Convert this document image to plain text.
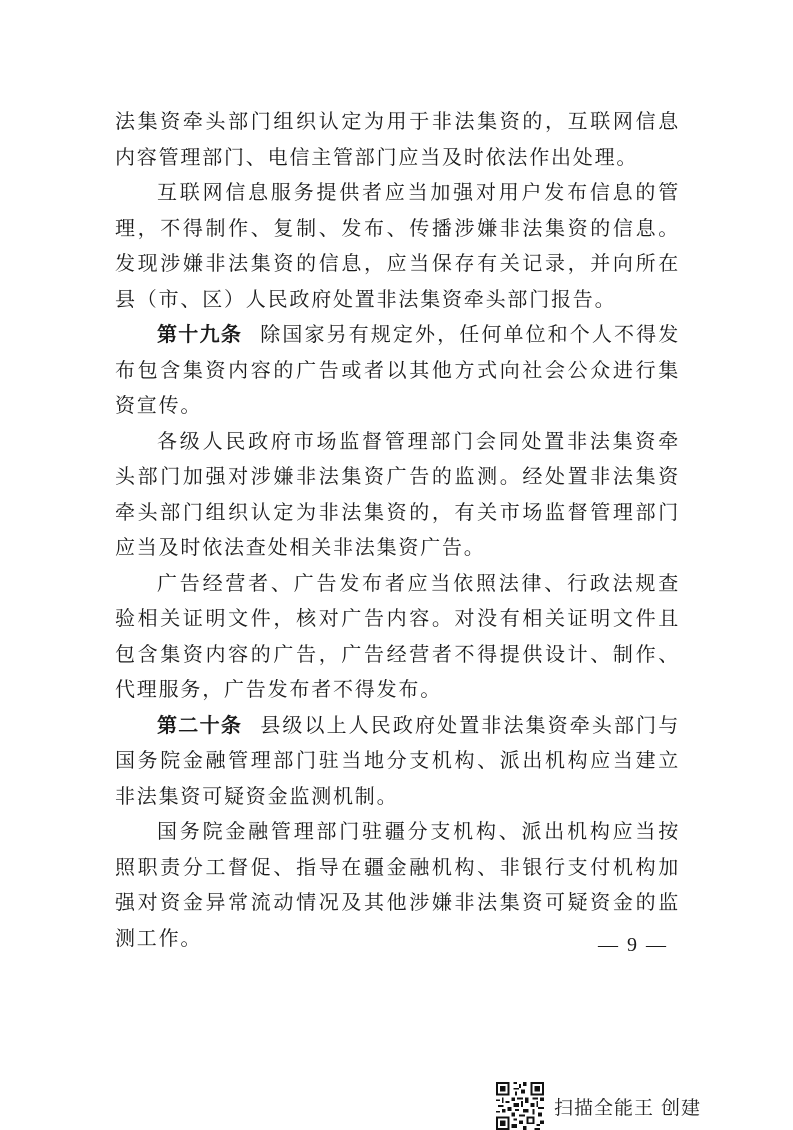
法集资牵头部门组织认定为用于非法集资的，互联网信息内容管理部门、电信主管部门应当及时依法作出处理。

互联网信息服务提供者应当加强对用户发布信息的管理，不得制作、复制、发布、传播涉嫌非法集资的信息。发现涉嫌非法集资的信息，应当保存有关记录，并向所在县（市、区）人民政府处置非法集资牵头部门报告。

第十九条 除国家另有规定外，任何单位和个人不得发布包含集资内容的广告或者以其他方式向社会公众进行集资宣传。

各级人民政府市场监督管理部门会同处置非法集资牵头部门加强对涉嫌非法集资广告的监测。经处置非法集资牵头部门组织认定为非法集资的，有关市场监督管理部门应当及时依法查处相关非法集资广告。

广告经营者、广告发布者应当依照法律、行政法规查验相关证明文件，核对广告内容。对没有相关证明文件且包含集资内容的广告，广告经营者不得提供设计、制作、代理服务，广告发布者不得发布。

第二十条 县级以上人民政府处置非法集资牵头部门与国务院金融管理部门驻当地分支机构、派出机构应当建立非法集资可疑资金监测机制。

国务院金融管理部门驻疆分支机构、派出机构应当按照职责分工督促、指导在疆金融机构、非银行支付机构加强对资金异常流动情况及其他涉嫌非法集资可疑资金的监测工作。	— 9 —
扫描全能王 创建
